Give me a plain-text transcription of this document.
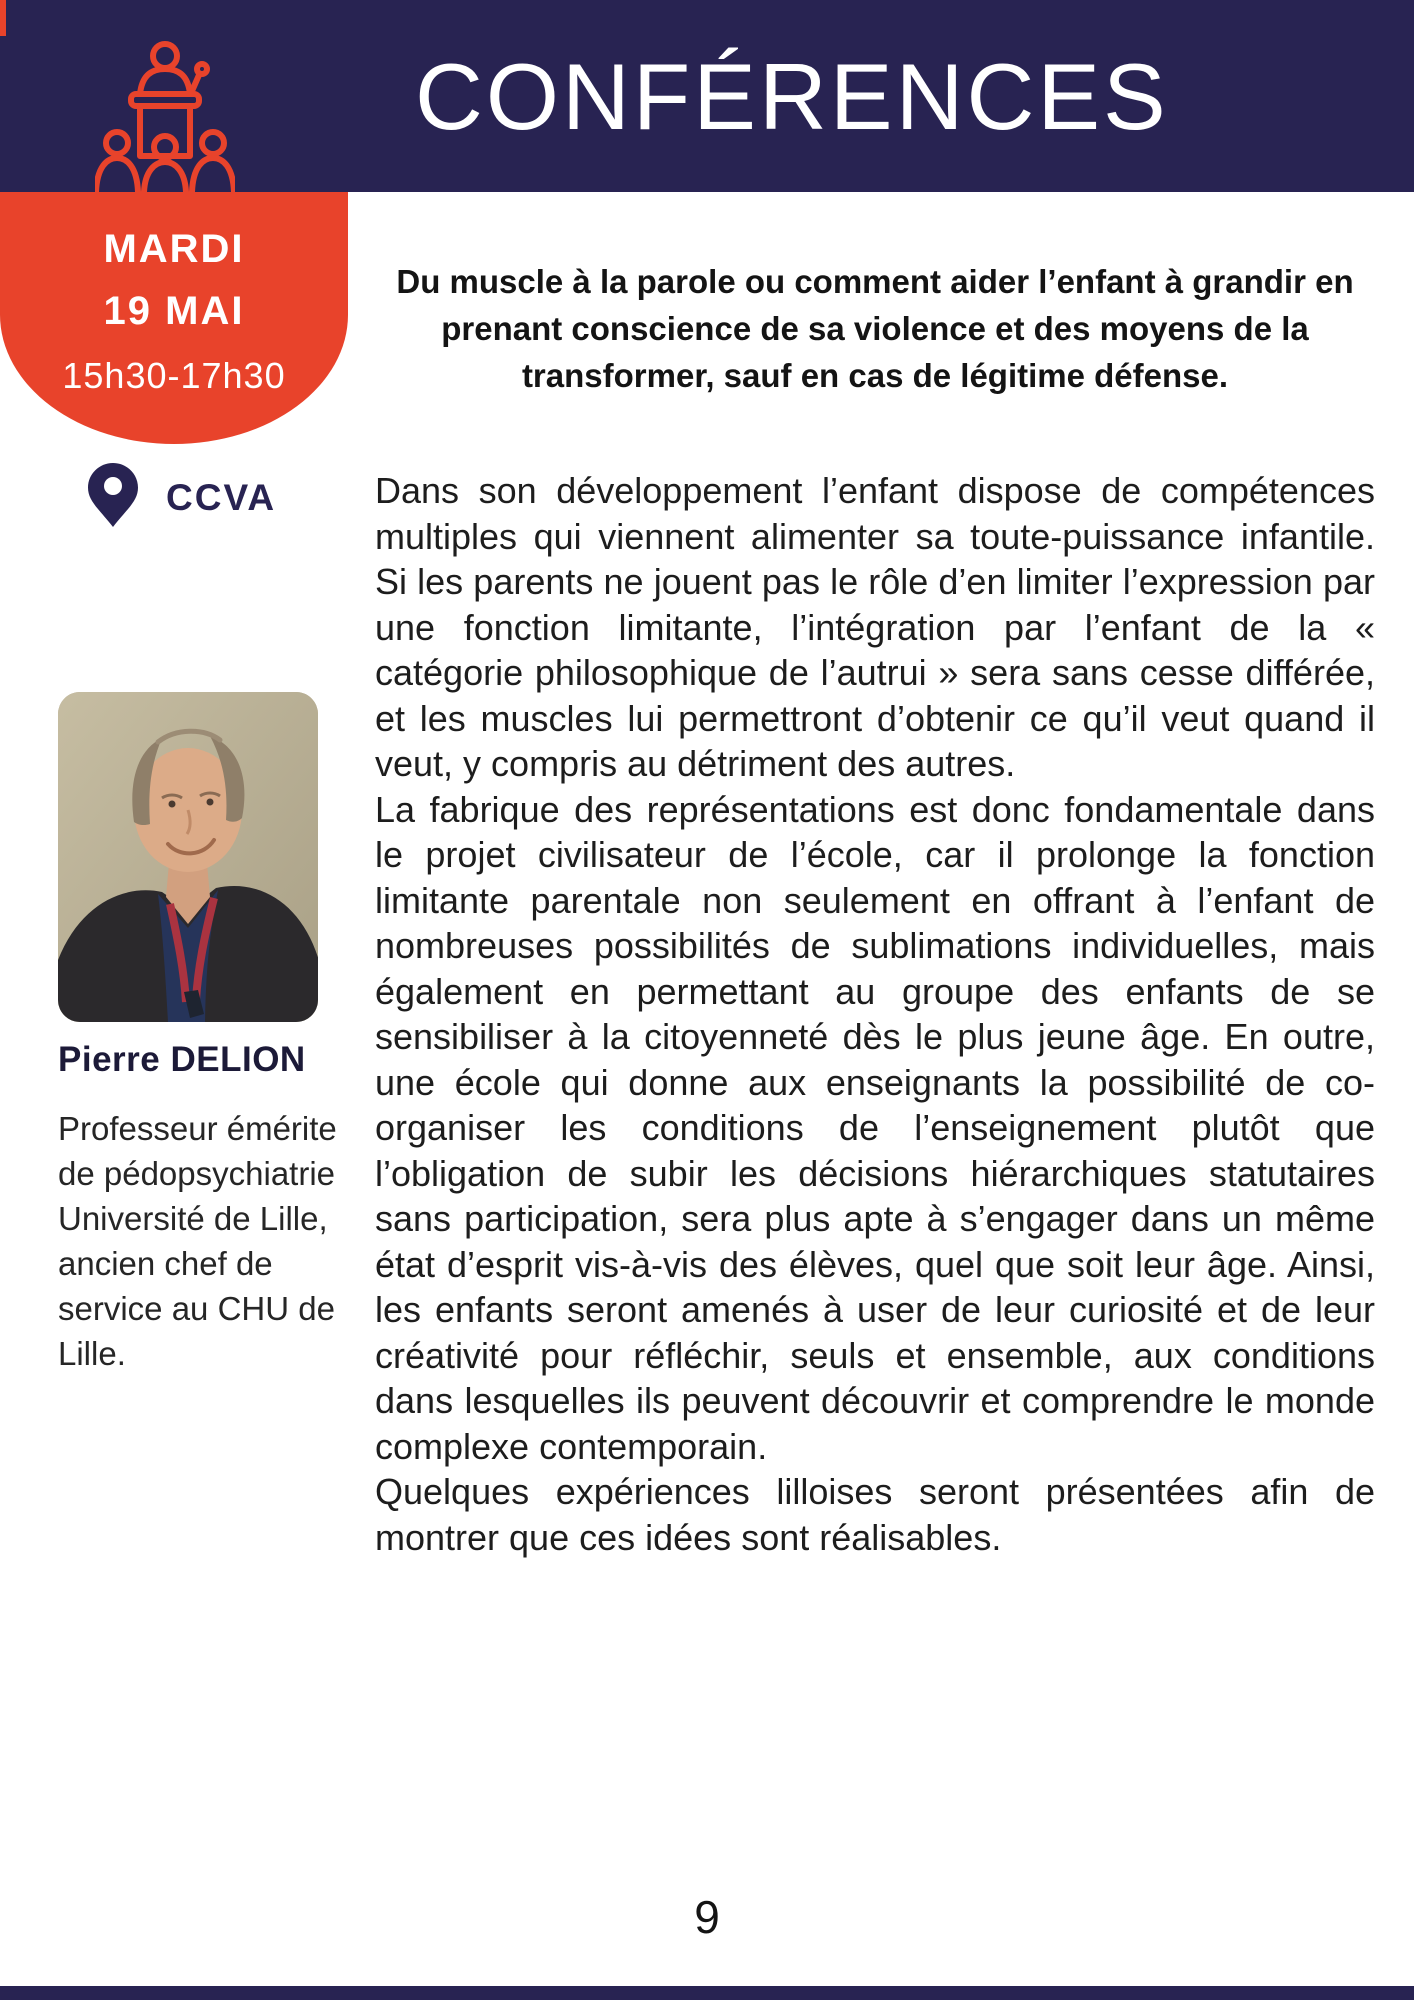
CONFÉRENCES
MARDI
19 MAI
15h30-17h30
CCVA
Pierre DELION
Professeur émérite de pédopsychiatrie Université de Lille, ancien chef de service au CHU de Lille.
Du muscle à la parole ou comment aider l’enfant à grandir en prenant conscience de sa violence et des moyens de la transformer, sauf en cas de légitime défense.

Dans son développement l’enfant dispose de compétences multiples qui viennent alimenter sa toute-puissance infantile. Si les parents ne jouent pas le rôle d’en limiter l’expression par une fonction limitante, l’intégration par l’enfant de la « catégorie philosophique de l’autrui » sera sans cesse différée, et les muscles lui permettront d’obtenir ce qu’il veut quand il veut, y compris au détriment des autres.

La fabrique des représentations est donc fondamentale dans le projet civilisateur de l’école, car il prolonge la fonction limitante parentale non seulement en offrant à l’enfant de nombreuses possibilités de sublimations individuelles, mais également en permettant au groupe des enfants de se sensibiliser à la citoyenneté dès le plus jeune âge. En outre, une école qui donne aux enseignants la possibilité de co-organiser les conditions de l’enseignement plutôt que l’obligation de subir les décisions hiérarchiques statutaires sans participation, sera plus apte à s’engager dans un même état d’esprit vis-à-vis des élèves, quel que soit leur âge. Ainsi, les enfants seront amenés à user de leur curiosité et de leur créativité pour réfléchir, seuls et ensemble, aux conditions dans lesquelles ils peuvent découvrir et comprendre le monde complexe contemporain.

Quelques expériences lilloises seront présentées afin de montrer que ces idées sont réalisables.

9
